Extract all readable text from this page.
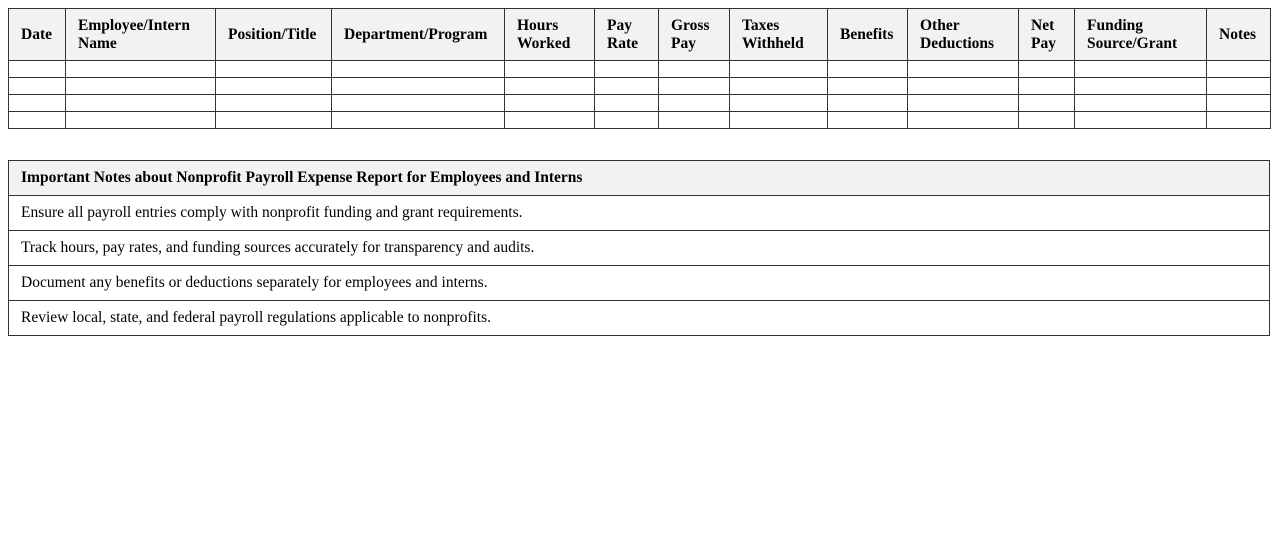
Date	Employee/Intern Name	Position/Title	Department/Program	Hours Worked	Pay Rate	Gross Pay	Taxes Withheld	Benefits	Other Deductions	Net Pay	Funding Source/Grant	Notes

Important Notes about Nonprofit Payroll Expense Report for Employees and Interns
Ensure all payroll entries comply with nonprofit funding and grant requirements.
Track hours, pay rates, and funding sources accurately for transparency and audits.
Document any benefits or deductions separately for employees and interns.
Review local, state, and federal payroll regulations applicable to nonprofits.
